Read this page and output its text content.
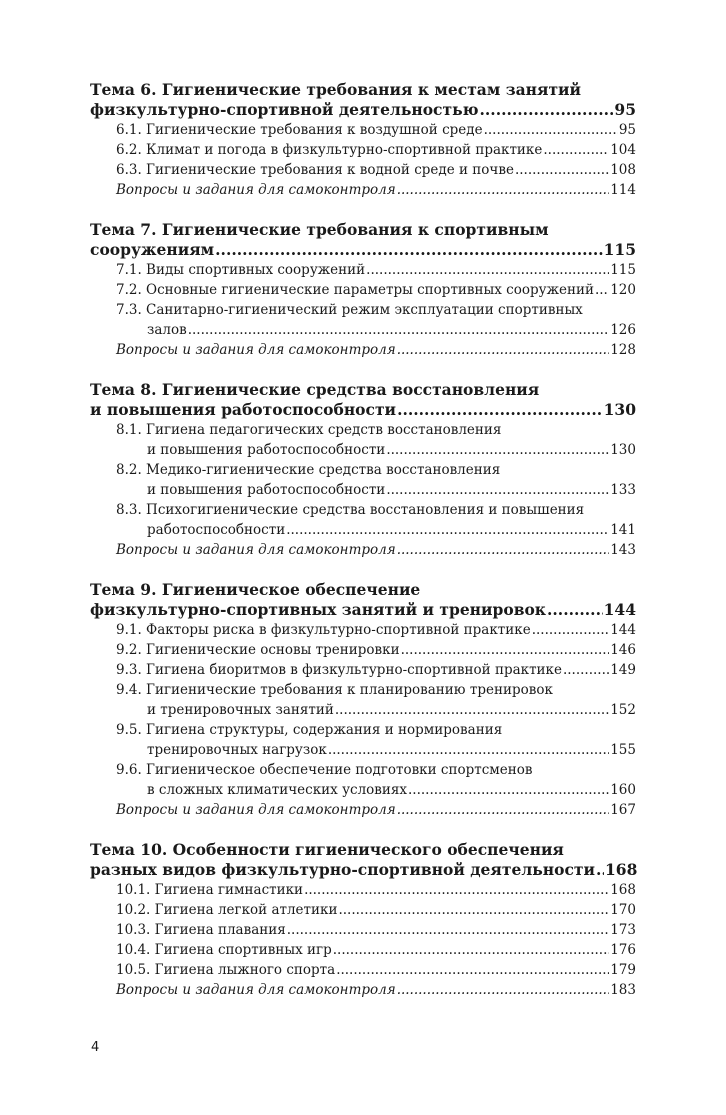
Тема 6. Гигиенические требования к местам занятий
физкультурно-спортивной деятельностью .....	95
6.1. Гигиенические требования к воздушной среде .....	95
6.2. Климат и погода в физкультурно-спортивной практике .....	104
6.3. Гигиенические требования к водной среде и почве .....	108
Вопросы и задания для самоконтроля .....	114
Тема 7. Гигиенические требования к спортивным
сооружениям .....	115
7.1. Виды спортивных сооружений .....	115
7.2. Основные гигиенические параметры спортивных сооружений ..... 120
7.3. Санитарно-гигиенический режим эксплуатации спортивных
залов .....	126
Вопросы и задания для самоконтроля .....	128
Тема 8. Гигиенические средства восстановления
и повышения работоспособности .....	130
8.1. Гигиена педагогических средств восстановления
и повышения работоспособности .....	130
8.2. Медико-гигиенические средства восстановления
и повышения работоспособности .....	133
8.3. Психогигиенические средства восстановления и повышения
работоспособности .....	141
Вопросы и задания для самоконтроля .....	143
Тема 9. Гигиеническое обеспечение
физкультурно-спортивных занятий и тренировок .....	144
9.1. Факторы риска в физкультурно-спортивной практике .....	144
9.2. Гигиенические основы тренировки .....	146
9.3. Гигиена биоритмов в физкультурно-спортивной практике .....	149
9.4. Гигиенические требования к планированию тренировок
и тренировочных занятий .....	152
9.5. Гигиена структуры, содержания и нормирования
тренировочных нагрузок .....	155
9.6. Гигиеническое обеспечение подготовки спортсменов
в сложных климатических условиях .....	160
Вопросы и задания для самоконтроля .....	167
Тема 10. Особенности гигиенического обеспечения
разных видов физкультурно-спортивной деятельности ..... 168
10.1. Гигиена гимнастики .....	168
10.2. Гигиена легкой атлетики .....	170
10.3. Гигиена плавания .....	173
10.4. Гигиена спортивных игр .....	176
10.5. Гигиена лыжного спорта .....	179
Вопросы и задания для самоконтроля .....	183
4
